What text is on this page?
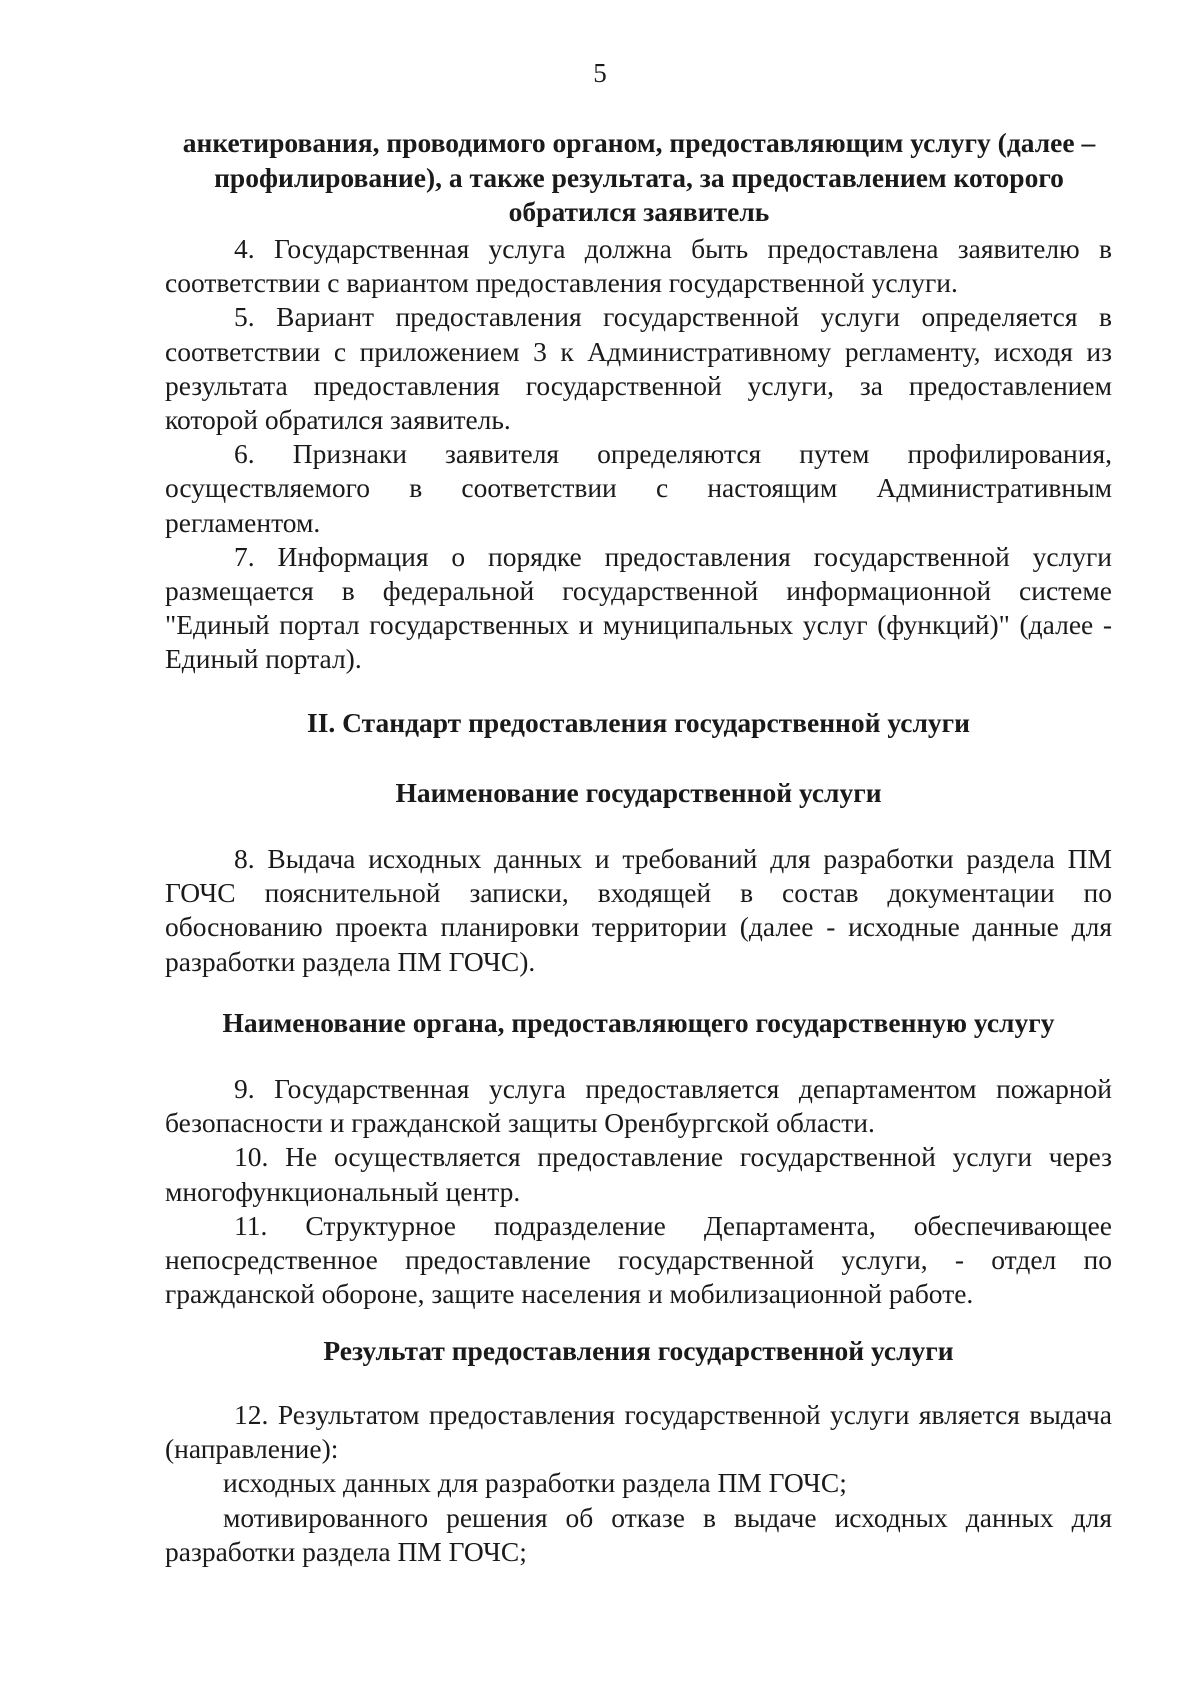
5
анкетирования, проводимого органом, предоставляющим услугу (далее – профилирование), а также результата, за предоставлением которого обратился заявитель

4. Государственная услуга должна быть предоставлена заявителю в соответствии с вариантом предоставления государственной услуги.

5. Вариант предоставления государственной услуги определяется в соответствии с приложением 3 к Административному регламенту, исходя из результата предоставления государственной услуги, за предоставлением которой обратился заявитель.

6. Признаки заявителя определяются путем профилирования, осуществляемого в соответствии с настоящим Административным регламентом.

7. Информация о порядке предоставления государственной услуги размещается в федеральной государственной информационной системе "Единый портал государственных и муниципальных услуг (функций)" (далее - Единый портал).

II. Стандарт предоставления государственной услуги
Наименование государственной услуги

8. Выдача исходных данных и требований для разработки раздела ПМ ГОЧС пояснительной записки, входящей в состав документации по обоснованию проекта планировки территории (далее - исходные данные для разработки раздела ПМ ГОЧС).

Наименование органа, предоставляющего государственную услугу

9. Государственная услуга предоставляется департаментом пожарной безопасности и гражданской защиты Оренбургской области.

10. Не осуществляется предоставление государственной услуги через многофункциональный центр.

11. Структурное подразделение Департамента, обеспечивающее непосредственное предоставление государственной услуги, - отдел по гражданской обороне, защите населения и мобилизационной работе.

Результат предоставления государственной услуги

12. Результатом предоставления государственной услуги является выдача (направление):

исходных данных для разработки раздела ПМ ГОЧС;

мотивированного решения об отказе в выдаче исходных данных для разработки раздела ПМ ГОЧС;
